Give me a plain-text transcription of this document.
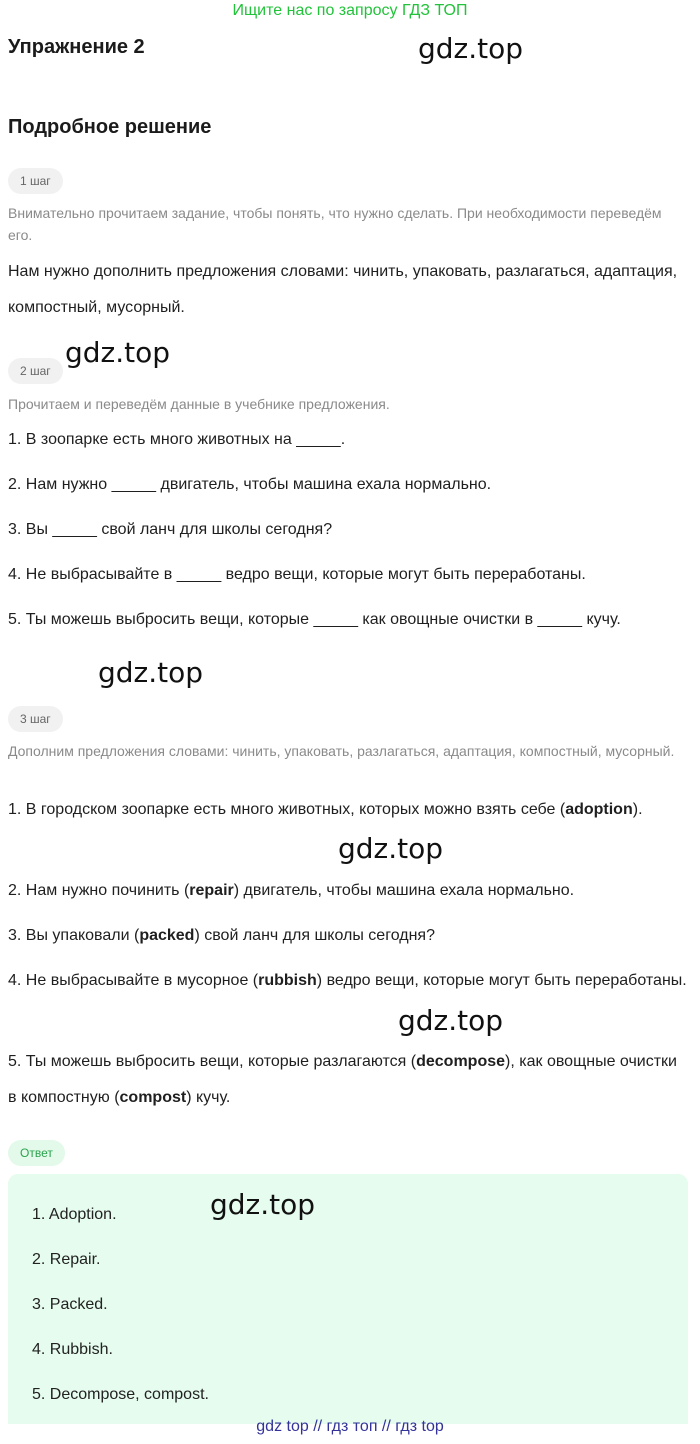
Ищите нас по запросу ГДЗ ТОП
Упражнение 2	gdz.top
Подробное решение
1 шаг
Внимательно прочитаем задание, чтобы понять, что нужно сделать. При необходимости переведём его.
Нам нужно дополнить предложения словами: чинить, упаковать, разлагаться, адаптация, компостный, мусорный.
2 шаг
gdz.top
Прочитаем и переведём данные в учебнике предложения.
1. В зоопарке есть много животных на _____.
2. Нам нужно _____ двигатель, чтобы машина ехала нормально.
3. Вы _____ свой ланч для школы сегодня?
4. Не выбрасывайте в _____ ведро вещи, которые могут быть переработаны.
5. Ты можешь выбросить вещи, которые _____ как овощные очистки в _____ кучу.
gdz.top
3 шаг
Дополним предложения словами: чинить, упаковать, разлагаться, адаптация, компостный, мусорный.
1. В городском зоопарке есть много животных, которых можно взять себе (adoption).
gdz.top
2. Нам нужно починить (repair) двигатель, чтобы машина ехала нормально.
3. Вы упаковали (packed) свой ланч для школы сегодня?
4. Не выбрасывайте в мусорное (rubbish) ведро вещи, которые могут быть переработаны.
gdz.top
5. Ты можешь выбросить вещи, которые разлагаются (decompose), как овощные очистки в компостную (compost) кучу.
Ответ
gdz.top
1. Adoption.
2. Repair.
3. Packed.
4. Rubbish.
5. Decompose, compost.
gdz top // гдз топ // гдз top
